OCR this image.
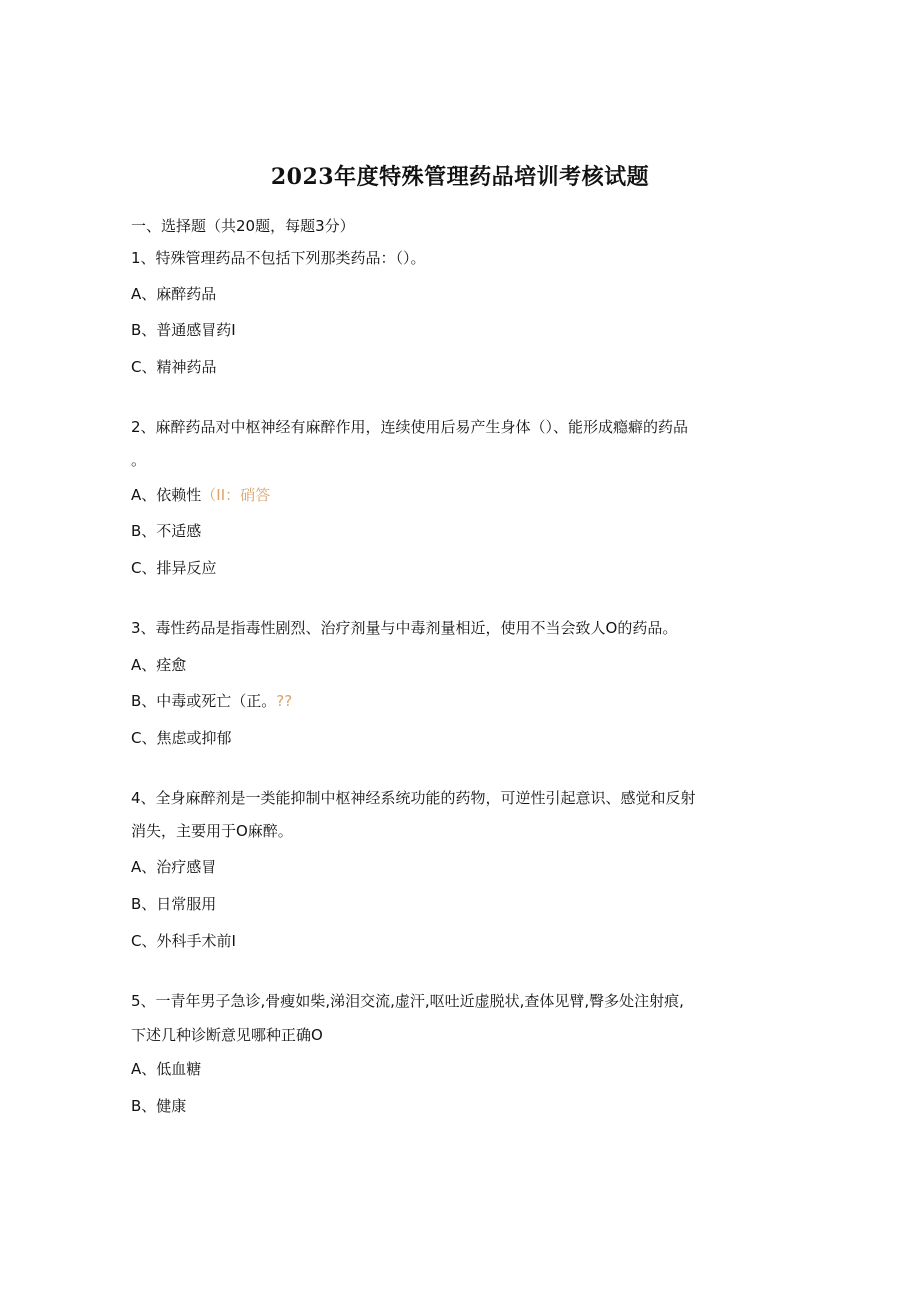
2023年度特殊管理药品培训考核试题
一、选择题（共20题，每题3分）
1、特殊管理药品不包括下列那类药品：（）。
A、麻醉药品
B、普通感冒药I
C、精神药品
2、麻醉药品对中枢神经有麻醉作用，连续使用后易产生身体（）、能形成瘾癖的药品
。
A、依赖性（II：硝答
B、不适感
C、排异反应
3、毒性药品是指毒性剧烈、治疗剂量与中毒剂量相近，使用不当会致人O的药品。
A、痊愈
B、中毒或死亡（正。??
C、焦虑或抑郁
4、全身麻醉剂是一类能抑制中枢神经系统功能的药物，可逆性引起意识、感觉和反射
消失，主要用于O麻醉。
A、治疗感冒
B、日常服用
C、外科手术前I
5、一青年男子急诊,骨瘦如柴,涕泪交流,虚汗,呕吐近虚脱状,查体见臂,臀多处注射痕,
下述几种诊断意见哪种正确O
A、低血糖
B、健康
